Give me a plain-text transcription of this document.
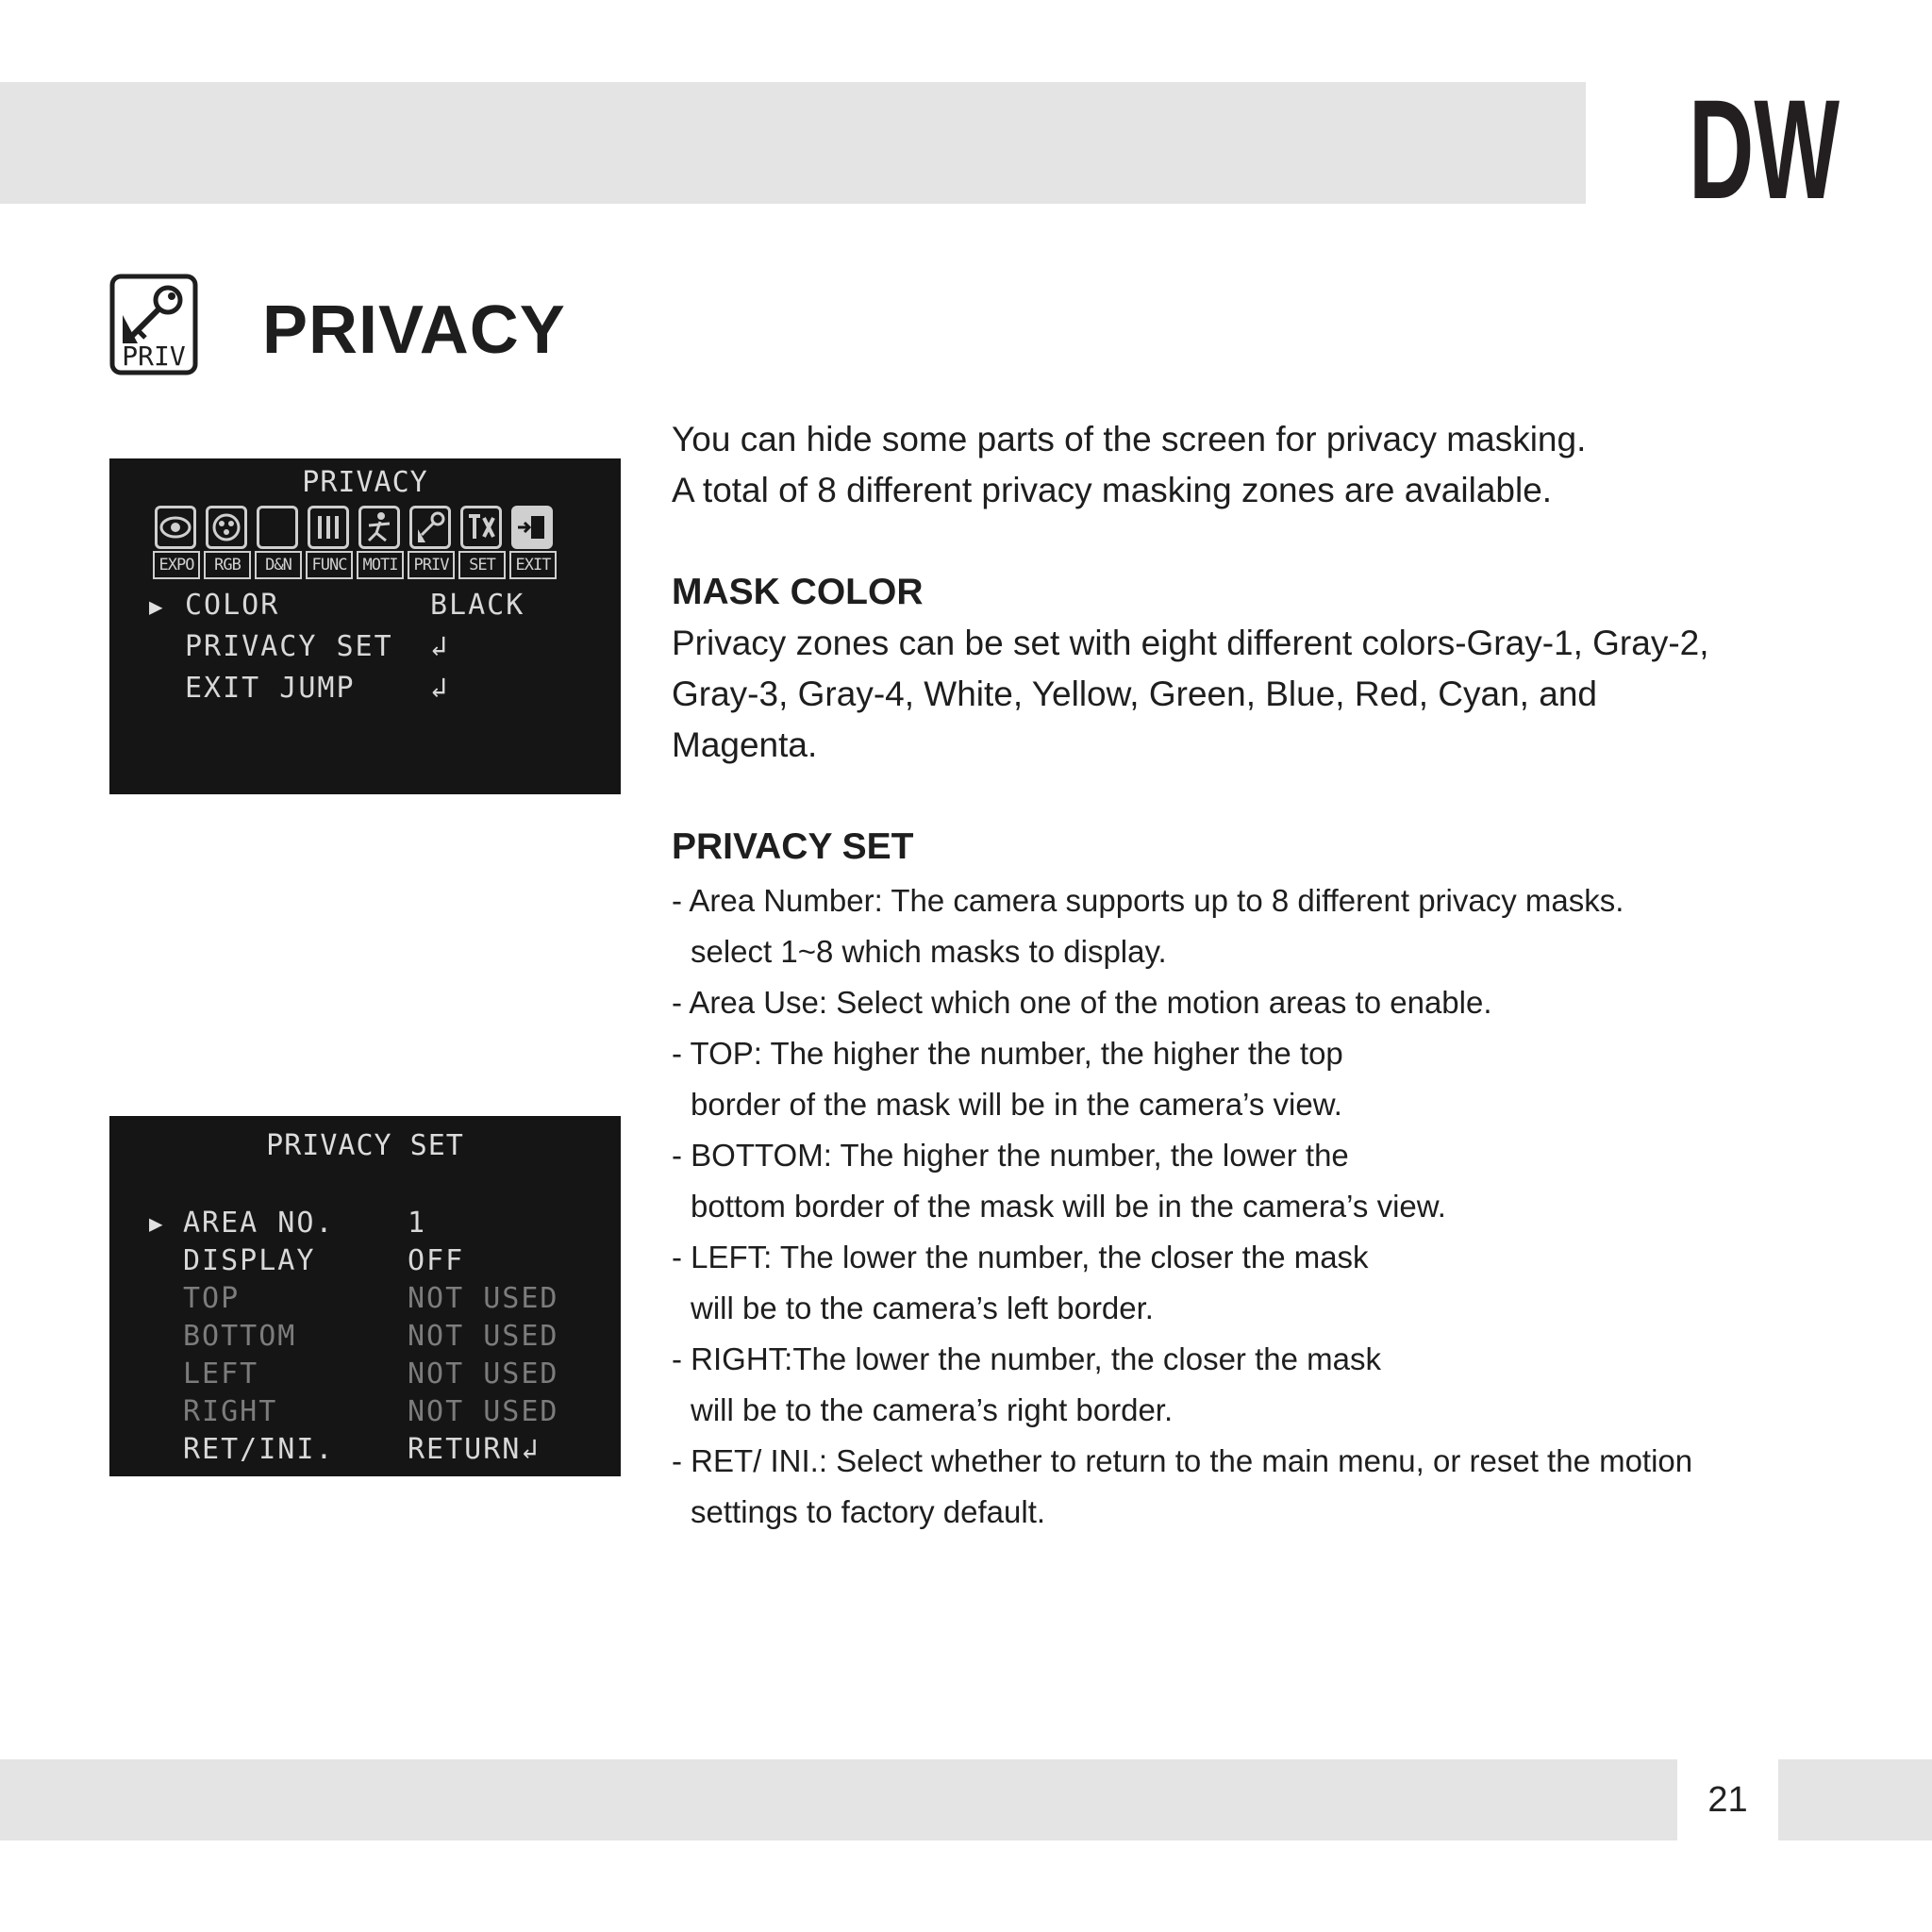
DW
PRIV PRIVACY
PRIVACY
EXPO	RGB	D&N	FUNC	MOTI	PRIV	SET	EXIT
▶ COLOR	BLACK
PRIVACY SET ↲
EXIT JUMP	↲
PRIVACY SET
▶ AREA NO.	1
DISPLAY	OFF
TOP	NOT USED
BOTTOM	NOT USED
LEFT	NOT USED
RIGHT	NOT USED
RET/INI.	RETURN↲
You can hide some parts of the screen for privacy masking.
A total of 8 different privacy masking zones are available.
MASK COLOR
Privacy zones can be set with eight different colors-Gray-1, Gray-2,
Gray-3, Gray-4, White, Yellow, Green, Blue, Red, Cyan, and
Magenta.
PRIVACY SET
- Area Number: The camera supports up to 8 different privacy masks.
select 1~8 which masks to display.
- Area Use: Select which one of the motion areas to enable.
- TOP: The higher the number, the higher the top
border of the mask will be in the camera’s view.
- BOTTOM: The higher the number, the lower the
bottom border of the mask will be in the camera’s view.
- LEFT: The lower the number, the closer the mask
will be to the camera’s left border.
- RIGHT:The lower the number, the closer the mask
will be to the camera’s right border.
- RET/ INI.: Select whether to return to the main menu, or reset the motion
settings to factory default.
21
